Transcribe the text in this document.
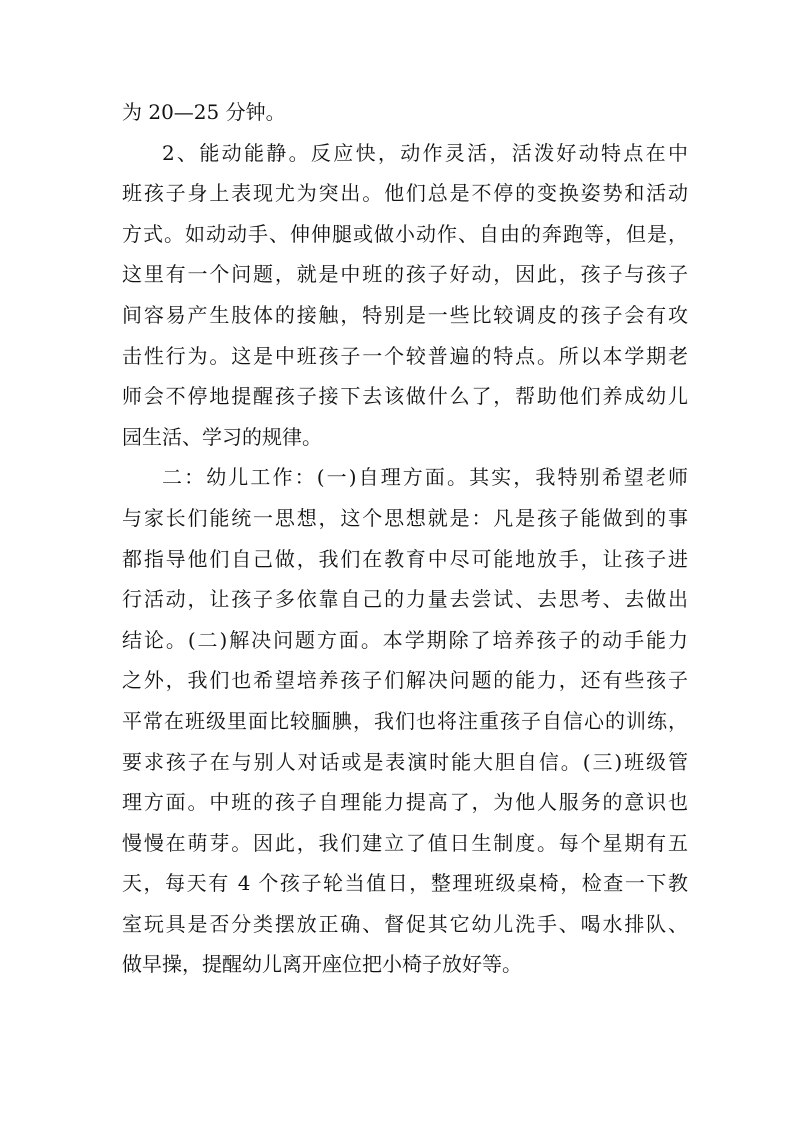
为 20—25 分钟。
2、能动能静。反应快，动作灵活，活泼好动特点在中
班孩子身上表现尤为突出。他们总是不停的变换姿势和活动
方式。如动动手、伸伸腿或做小动作、自由的奔跑等，但是，
这里有一个问题，就是中班的孩子好动，因此，孩子与孩子
间容易产生肢体的接触，特别是一些比较调皮的孩子会有攻
击性行为。这是中班孩子一个较普遍的特点。所以本学期老
师会不停地提醒孩子接下去该做什么了，帮助他们养成幼儿
园生活、学习的规律。
二：幼儿工作：(一)自理方面。其实，我特别希望老师
与家长们能统一思想，这个思想就是：凡是孩子能做到的事
都指导他们自己做，我们在教育中尽可能地放手，让孩子进
行活动，让孩子多依靠自己的力量去尝试、去思考、去做出
结论。(二)解决问题方面。本学期除了培养孩子的动手能力
之外，我们也希望培养孩子们解决问题的能力，还有些孩子
平常在班级里面比较腼腆，我们也将注重孩子自信心的训练，
要求孩子在与别人对话或是表演时能大胆自信。(三)班级管
理方面。中班的孩子自理能力提高了，为他人服务的意识也
慢慢在萌芽。因此，我们建立了值日生制度。每个星期有五
天，每天有 4 个孩子轮当值日，整理班级桌椅，检查一下教
室玩具是否分类摆放正确、督促其它幼儿洗手、喝水排队、
做早操，提醒幼儿离开座位把小椅子放好等。
